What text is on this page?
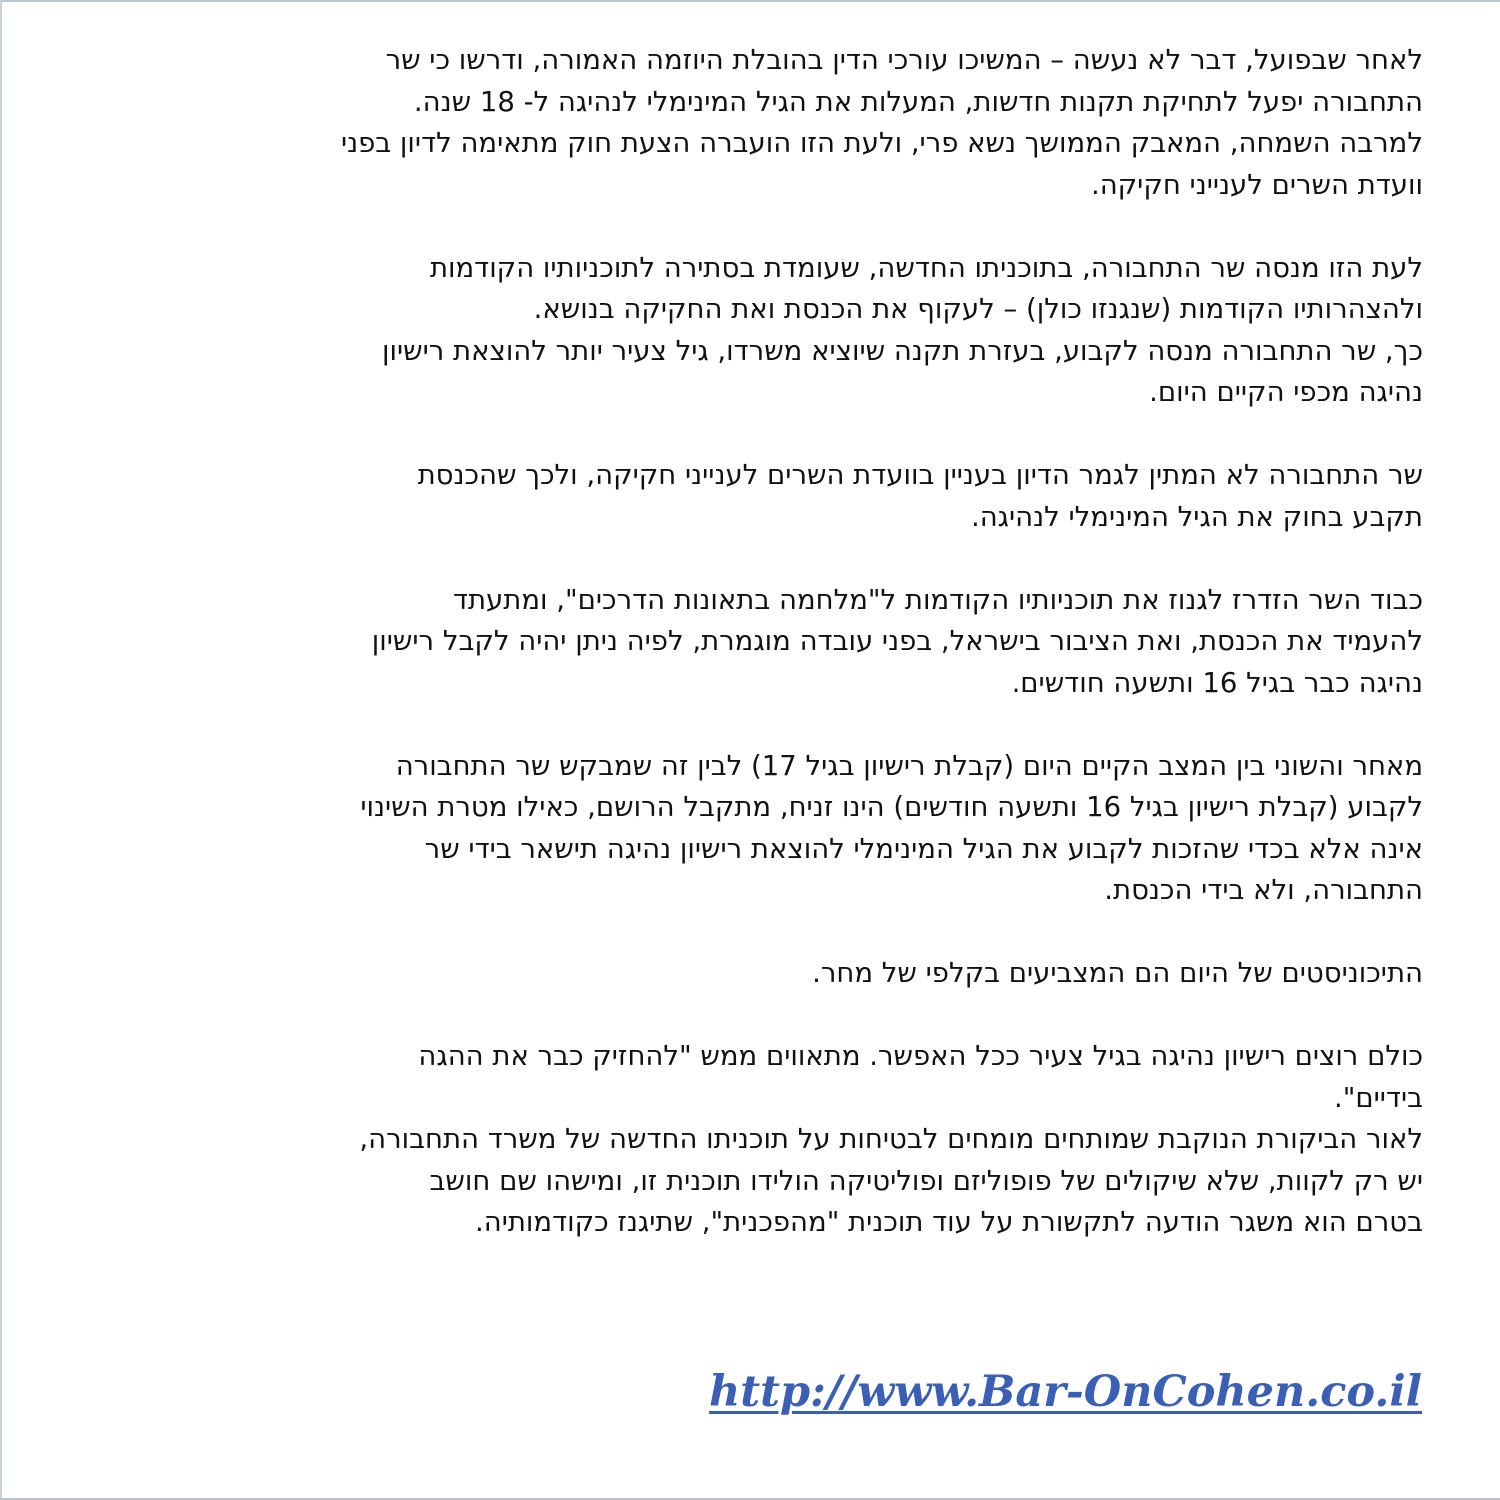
לאחר שבפועל, דבר לא נעשה – המשיכו עורכי הדין בהובלת היוזמה האמורה, ודרשו כי שר
התחבורה יפעל לתחיקת תקנות חדשות, המעלות את הגיל המינימלי לנהיגה ל- 18 שנה.
למרבה השמחה, המאבק הממושך נשא פרי, ולעת הזו הועברה הצעת חוק מתאימה לדיון בפני
וועדת השרים לענייני חקיקה.
לעת הזו מנסה שר התחבורה, בתוכניתו החדשה, שעומדת בסתירה לתוכניותיו הקודמות
ולהצהרותיו הקודמות (שנגנזו כולן) – לעקוף את הכנסת ואת החקיקה בנושא.
כך, שר התחבורה מנסה לקבוע, בעזרת תקנה שיוציא משרדו, גיל צעיר יותר להוצאת רישיון
נהיגה מכפי הקיים היום.
שר התחבורה לא המתין לגמר הדיון בעניין בוועדת השרים לענייני חקיקה, ולכך שהכנסת
תקבע בחוק את הגיל המינימלי לנהיגה.
כבוד השר הזדרז לגנוז את תוכניותיו הקודמות ל"מלחמה בתאונות הדרכים", ומתעתד
להעמיד את הכנסת, ואת הציבור בישראל, בפני עובדה מוגמרת, לפיה ניתן יהיה לקבל רישיון
נהיגה כבר בגיל 16 ותשעה חודשים.
מאחר והשוני בין המצב הקיים היום (קבלת רישיון בגיל 17) לבין זה שמבקש שר התחבורה
לקבוע (קבלת רישיון בגיל 16 ותשעה חודשים) הינו זניח, מתקבל הרושם, כאילו מטרת השינוי
אינה אלא בכדי שהזכות לקבוע את הגיל המינימלי להוצאת רישיון נהיגה תישאר בידי שר
התחבורה, ולא בידי הכנסת.
התיכוניסטים של היום הם המצביעים בקלפי של מחר.
כולם רוצים רישיון נהיגה בגיל צעיר ככל האפשר. מתאווים ממש "להחזיק כבר את ההגה
בידיים".
לאור הביקורת הנוקבת שמותחים מומחים לבטיחות על תוכניתו החדשה של משרד התחבורה,
יש רק לקוות, שלא שיקולים של פופוליזם ופוליטיקה הולידו תוכנית זו, ומישהו שם חושב
בטרם הוא משגר הודעה לתקשורת על עוד תוכנית "מהפכנית", שתיגנז כקודמותיה.
http://www.Bar-OnCohen.co.il
